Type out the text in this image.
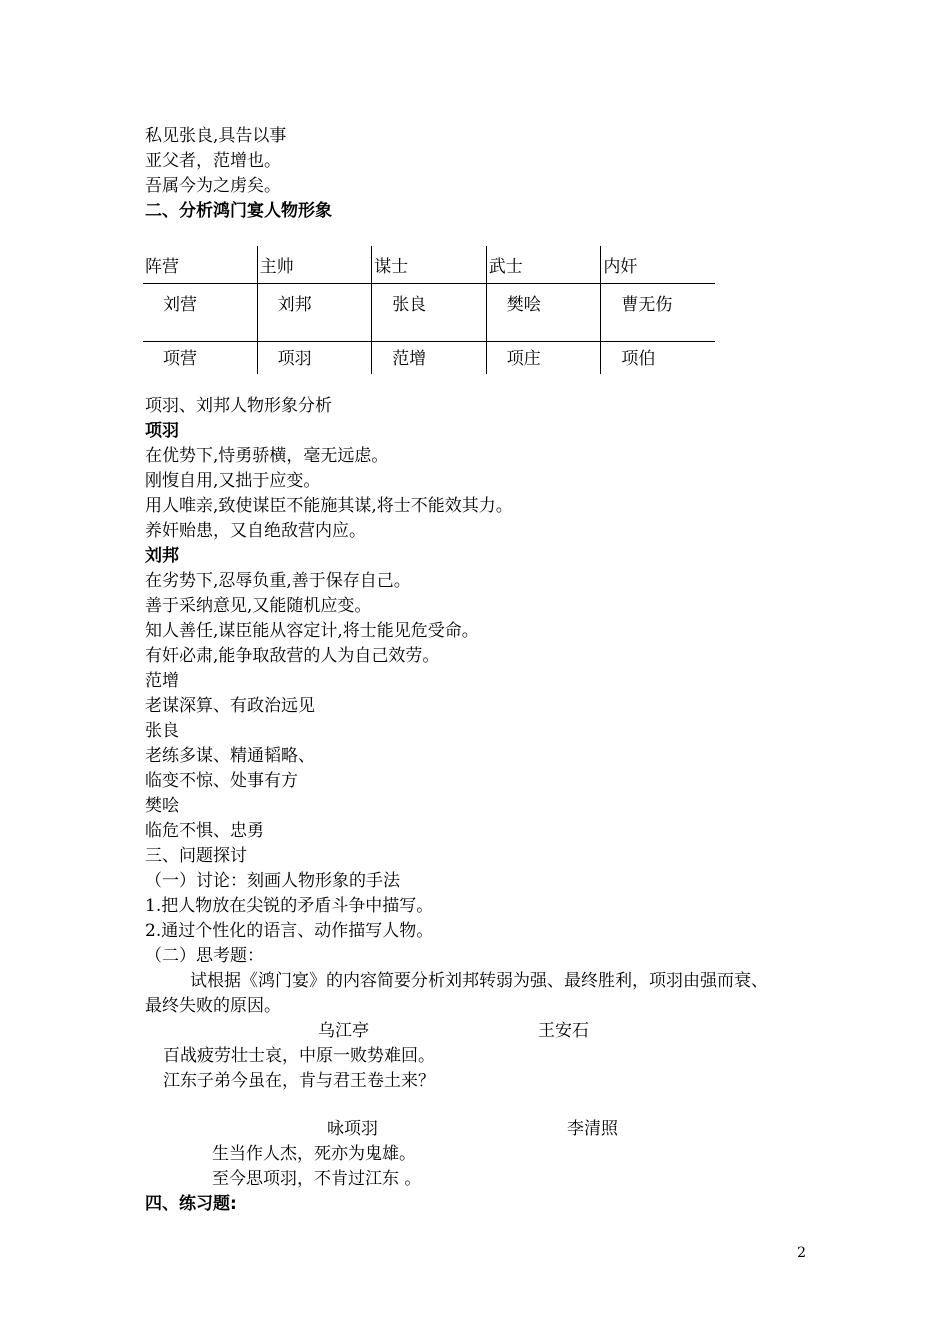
私见张良,具告以事
亚父者，范增也。
吾属今为之虏矣。
二、分析鸿门宴人物形象
阵营	主帅	谋士	武士	内奸
刘营	刘邦	张良	樊哙	曹无伤
项营	项羽	范增	项庄	项伯
项羽、刘邦人物形象分析
项羽
在优势下,恃勇骄横，毫无远虑。
刚愎自用,又拙于应变。
用人唯亲,致使谋臣不能施其谋,将士不能效其力。
养奸贻患，又自绝敌营内应。
刘邦
在劣势下,忍辱负重,善于保存自己。
善于采纳意见,又能随机应变。
知人善任,谋臣能从容定计,将士能见危受命。
有奸必肃,能争取敌营的人为自己效劳。
范增
老谋深算、有政治远见
张良
老练多谋、精通韬略、
临变不惊、处事有方
樊哙
临危不惧、忠勇
三、问题探讨
（一）讨论：刻画人物形象的手法
1.把人物放在尖锐的矛盾斗争中描写。
2.通过个性化的语言、动作描写人物。
（二）思考题：
试根据《鸿门宴》的内容简要分析刘邦转弱为强、最终胜利，项羽由强而衰、
最终失败的原因。
乌江亭	王安石
百战疲劳壮士哀，中原一败势难回。
江东子弟今虽在，肯与君王卷土来？
咏项羽	李清照
生当作人杰，死亦为鬼雄。
至今思项羽，不肯过江东 。
四、练习题:
2
